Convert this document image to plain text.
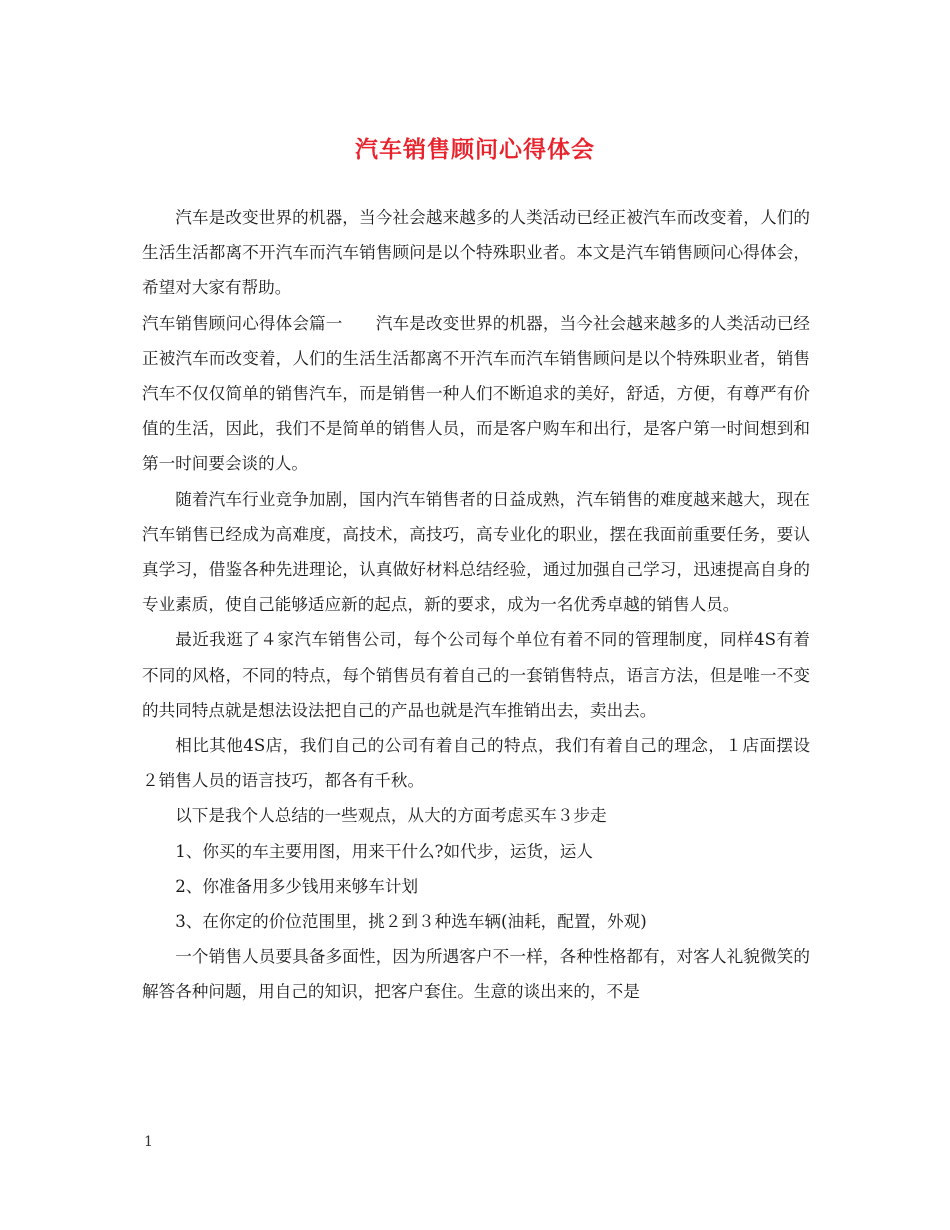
汽车销售顾问心得体会

汽车是改变世界的机器，当今社会越来越多的人类活动已经正被汽车而改变着，人们的生活生活都离不开汽车而汽车销售顾问是以个特殊职业者。本文是汽车销售顾问心得体会，希望对大家有帮助。

汽车销售顾问心得体会篇一　　汽车是改变世界的机器，当今社会越来越多的人类活动已经正被汽车而改变着，人们的生活生活都离不开汽车而汽车销售顾问是以个特殊职业者，销售汽车不仅仅简单的销售汽车，而是销售一种人们不断追求的美好，舒适，方便，有尊严有价值的生活，因此，我们不是简单的销售人员，而是客户购车和出行，是客户第一时间想到和第一时间要会谈的人。

随着汽车行业竞争加剧，国内汽车销售者的日益成熟，汽车销售的难度越来越大，现在汽车销售已经成为高难度，高技术，高技巧，高专业化的职业，摆在我面前重要任务，要认真学习，借鉴各种先进理论，认真做好材料总结经验，通过加强自己学习，迅速提高自身的专业素质，使自己能够适应新的起点，新的要求，成为一名优秀卓越的销售人员。

最近我逛了４家汽车销售公司，每个公司每个单位有着不同的管理制度，同样4S有着不同的风格，不同的特点，每个销售员有着自己的一套销售特点，语言方法，但是唯一不变的共同特点就是想法设法把自己的产品也就是汽车推销出去，卖出去。

相比其他4S店，我们自己的公司有着自己的特点，我们有着自己的理念，１店面摆设２销售人员的语言技巧，都各有千秋。

以下是我个人总结的一些观点，从大的方面考虑买车３步走

1、你买的车主要用图，用来干什么?如代步，运货，运人

2、你准备用多少钱用来够车计划

3、在你定的价位范围里，挑２到３种选车辆(油耗，配置，外观)

一个销售人员要具备多面性，因为所遇客户不一样，各种性格都有，对客人礼貌微笑的解答各种问题，用自己的知识，把客户套住。生意的谈出来的，不是

1
